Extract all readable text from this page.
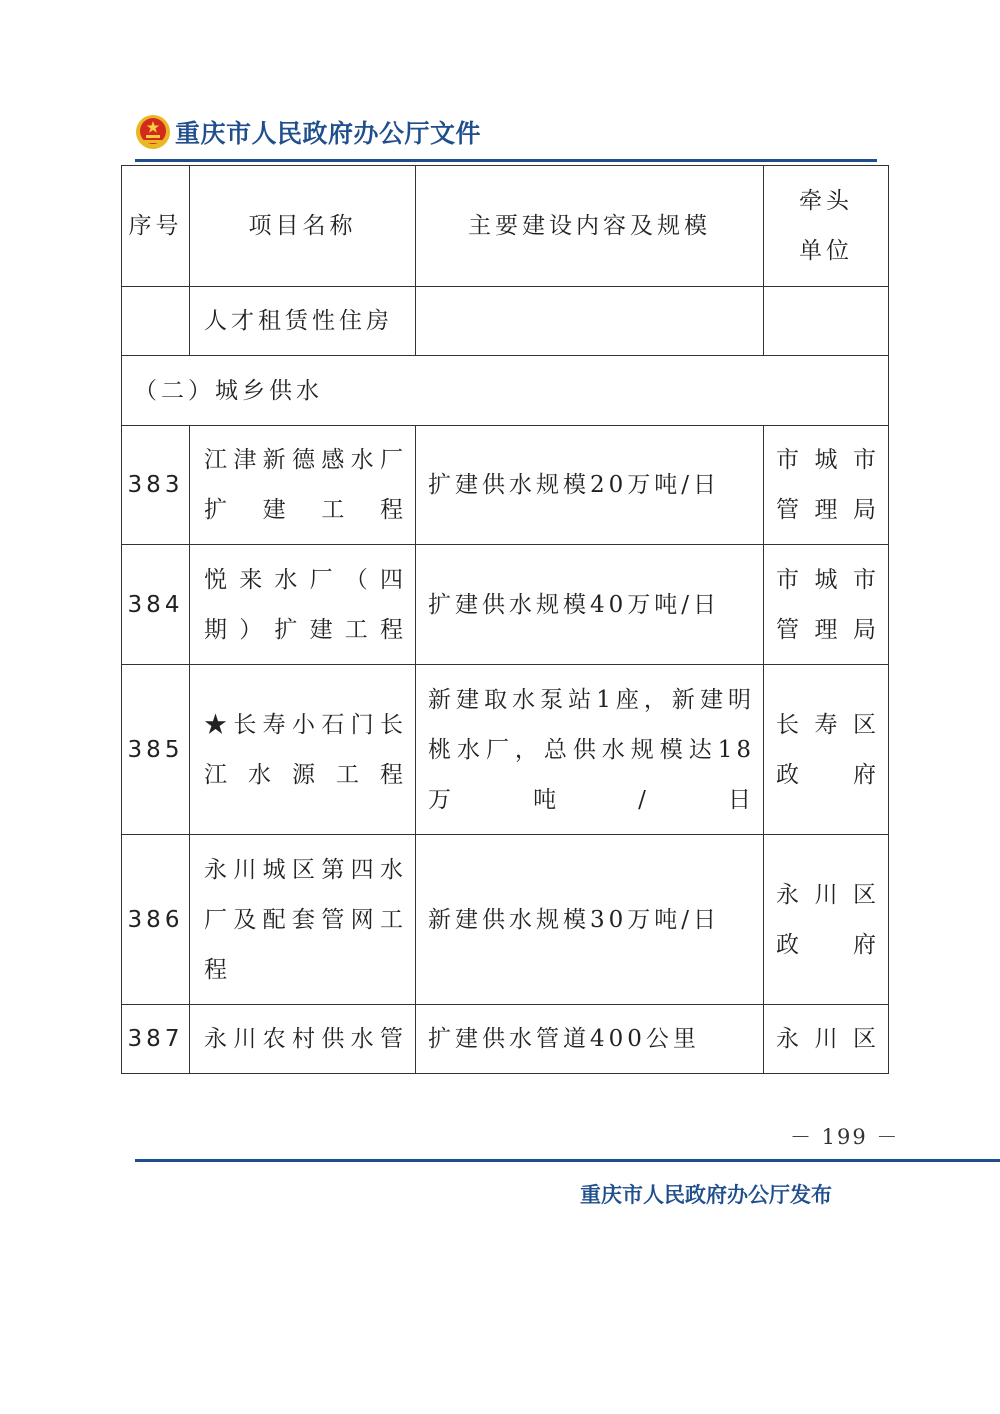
重庆市人民政府办公厅文件
序号	项目名称	主要建设内容及规模	牵头单位
	人才租赁性住房		
（二）城乡供水			
383	江津新德感水厂扩建工程	扩建供水规模20万吨/日	市城市管理局
384	悦来水厂（四期）扩建工程	扩建供水规模40万吨/日	市城市管理局
385	★长寿小石门长江水源工程	新建取水泵站1座，新建明桃水厂，总供水规模达18万吨/日	长寿区政府
386	永川城区第四水厂及配套管网工程	新建供水规模30万吨/日	永川区政府
387	永川农村供水管	扩建供水管道400公里	永川区
－ 199 －
重庆市人民政府办公厅发布
